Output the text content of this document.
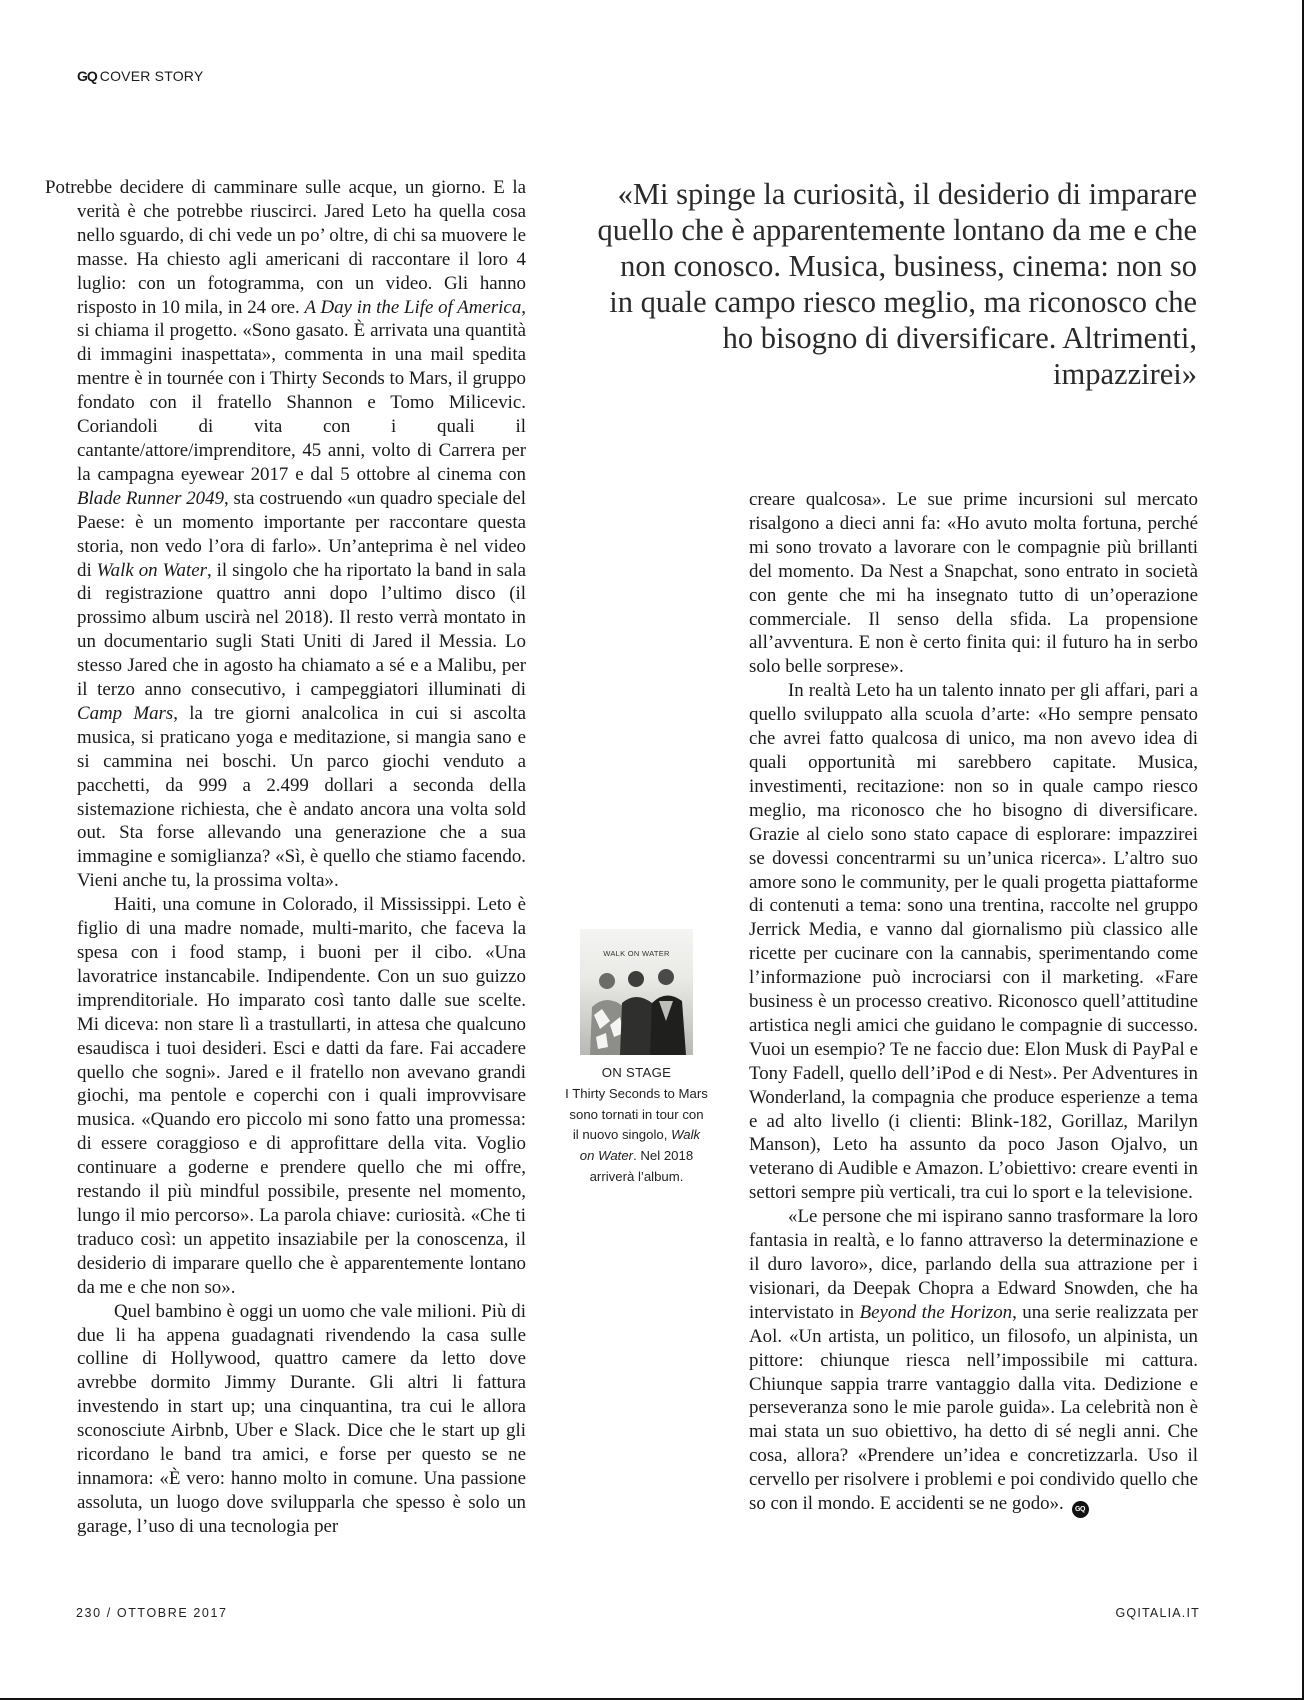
GQ COVER STORY

Potrebbe decidere di camminare sulle acque, un giorno. E la verità è che potrebbe riuscirci. Jared Leto ha quella cosa nello sguardo, di chi vede un po’ oltre, di chi sa muovere le masse. Ha chiesto agli americani di raccontare il loro 4 luglio: con un fotogramma, con un video. Gli hanno risposto in 10 mila, in 24 ore. A Day in the Life of America, si chiama il progetto. «Sono gasato. È arrivata una quantità di immagini inaspettata», commenta in una mail spedita mentre è in tournée con i Thirty Seconds to Mars, il gruppo fondato con il fratello Shannon e Tomo Milicevic. Coriandoli di vita con i quali il cantante/attore/imprenditore, 45 anni, volto di Carrera per la campagna eyewear 2017 e dal 5 ottobre al cinema con Blade Runner 2049, sta costruendo «un quadro speciale del Paese: è un momento importante per raccontare questa storia, non vedo l’ora di farlo». Un’anteprima è nel video di Walk on Water, il singolo che ha riportato la band in sala di registrazione quattro anni dopo l’ultimo disco (il prossimo album uscirà nel 2018). Il resto verrà montato in un documentario sugli Stati Uniti di Jared il Messia. Lo stesso Jared che in agosto ha chiamato a sé e a Malibu, per il terzo anno consecutivo, i campeggiatori illuminati di Camp Mars, la tre giorni analcolica in cui si ascolta musica, si praticano yoga e meditazione, si mangia sano e si cammina nei boschi. Un parco giochi venduto a pacchetti, da 999 a 2.499 dollari a seconda della sistemazione richiesta, che è andato ancora una volta sold out. Sta forse allevando una generazione che a sua immagine e somiglianza? «Sì, è quello che stiamo facendo. Vieni anche tu, la prossima volta».

Haiti, una comune in Colorado, il Mississippi. Leto è figlio di una madre nomade, multi-marito, che faceva la spesa con i food stamp, i buoni per il cibo. «Una lavoratrice instancabile. Indipendente. Con un suo guizzo imprenditoriale. Ho imparato così tanto dalle sue scelte. Mi diceva: non stare lì a trastullarti, in attesa che qualcuno esaudisca i tuoi desideri. Esci e datti da fare. Fai accadere quello che sogni». Jared e il fratello non avevano grandi giochi, ma pentole e coperchi con i quali improvvisare musica. «Quando ero piccolo mi sono fatto una promessa: di essere coraggioso e di approfittare della vita. Voglio continuare a goderne e prendere quello che mi offre, restando il più mindful possibile, presente nel momento, lungo il mio percorso». La parola chiave: curiosità. «Che ti traduco così: un appetito insaziabile per la conoscenza, il desiderio di imparare quello che è apparentemente lontano da me e che non so».

Quel bambino è oggi un uomo che vale milioni. Più di due li ha appena guadagnati rivendendo la casa sulle colline di Hollywood, quattro camere da letto dove avrebbe dormito Jimmy Durante. Gli altri li fattura investendo in start up; una cinquantina, tra cui le allora sconosciute Airbnb, Uber e Slack. Dice che le start up gli ricordano le band tra amici, e forse per questo se ne innamora: «È vero: hanno molto in comune. Una passione assoluta, un luogo dove svilupparla che spesso è solo un garage, l’uso di una tecnologia per

«Mi spinge la curiosità, il desiderio di imparare quello che è apparentemente lontano da me e che non conosco. Musica, business, cinema: non so in quale campo riesco meglio, ma riconosco che ho bisogno di diversificare. Altrimenti, impazzirei»

creare qualcosa». Le sue prime incursioni sul mercato risalgono a dieci anni fa: «Ho avuto molta fortuna, perché mi sono trovato a lavorare con le compagnie più brillanti del momento. Da Nest a Snapchat, sono entrato in società con gente che mi ha insegnato tutto di un’operazione commerciale. Il senso della sfida. La propensione all’avventura. E non è certo finita qui: il futuro ha in serbo solo belle sorprese».

In realtà Leto ha un talento innato per gli affari, pari a quello sviluppato alla scuola d’arte: «Ho sempre pensato che avrei fatto qualcosa di unico, ma non avevo idea di quali opportunità mi sarebbero capitate. Musica, investimenti, recitazione: non so in quale campo riesco meglio, ma riconosco che ho bisogno di diversificare. Grazie al cielo sono stato capace di esplorare: impazzirei se dovessi concentrarmi su un’unica ricerca». L’altro suo amore sono le community, per le quali progetta piattaforme di contenuti a tema: sono una trentina, raccolte nel gruppo Jerrick Media, e vanno dal giornalismo più classico alle ricette per cucinare con la cannabis, sperimentando come l’informazione può incrociarsi con il marketing. «Fare business è un processo creativo. Riconosco quell’attitudine artistica negli amici che guidano le compagnie di successo. Vuoi un esempio? Te ne faccio due: Elon Musk di PayPal e Tony Fadell, quello dell’iPod e di Nest». Per Adventures in Wonderland, la compagnia che produce esperienze a tema e ad alto livello (i clienti: Blink-182, Gorillaz, Marilyn Manson), Leto ha assunto da poco Jason Ojalvo, un veterano di Audible e Amazon. L’obiettivo: creare eventi in settori sempre più verticali, tra cui lo sport e la televisione.

«Le persone che mi ispirano sanno trasformare la loro fantasia in realtà, e lo fanno attraverso la determinazione e il duro lavoro», dice, parlando della sua attrazione per i visionari, da Deepak Chopra a Edward Snowden, che ha intervistato in Beyond the Horizon, una serie realizzata per Aol. «Un artista, un politico, un filosofo, un alpinista, un pittore: chiunque riesca nell’impossibile mi cattura. Chiunque sappia trarre vantaggio dalla vita. Dedizione e perseveranza sono le mie parole guida». La celebrità non è mai stata un suo obiettivo, ha detto di sé negli anni. Che cosa, allora? «Prendere un’idea e concretizzarla. Uso il cervello per risolvere i problemi e poi condivido quello che so con il mondo. E accidenti se ne godo». GQ

WALK ON WATER
ON STAGE
I Thirty Seconds to Mars sono tornati in tour con il nuovo singolo, Walk on Water. Nel 2018 arriverà l’album.
230 / OTTOBRE 2017	GQITALIA.IT
